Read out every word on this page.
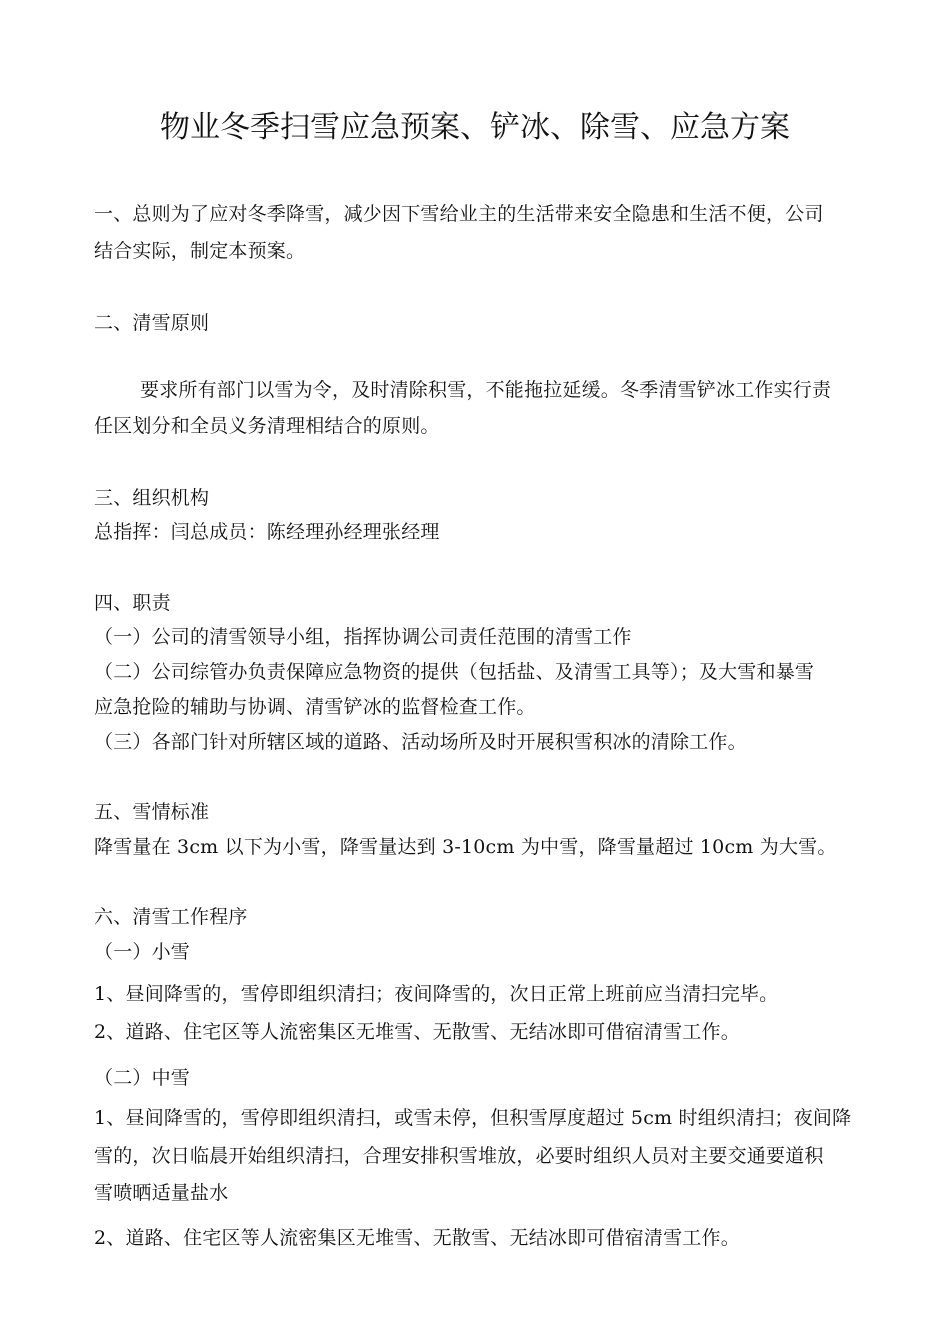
物业冬季扫雪应急预案、铲冰、除雪、应急方案
一、总则为了应对冬季降雪，减少因下雪给业主的生活带来安全隐患和生活不便，公司
结合实际，制定本预案。
二、清雪原则
要求所有部门以雪为令，及时清除积雪，不能拖拉延缓。冬季清雪铲冰工作实行责
任区划分和全员义务清理相结合的原则。
三、组织机构
总指挥：闫总成员：陈经理孙经理张经理
四、职责
（一）公司的清雪领导小组，指挥协调公司责任范围的清雪工作
（二）公司综管办负责保障应急物资的提供（包括盐、及清雪工具等）；及大雪和暴雪
应急抢险的辅助与协调、清雪铲冰的监督检查工作。
（三）各部门针对所辖区域的道路、活动场所及时开展积雪积冰的清除工作。
五、雪情标准
降雪量在 3cm 以下为小雪，降雪量达到 3-10cm 为中雪，降雪量超过 10cm 为大雪。
六、清雪工作程序
（一）小雪
1、昼间降雪的，雪停即组织清扫；夜间降雪的，次日正常上班前应当清扫完毕。
2、道路、住宅区等人流密集区无堆雪、无散雪、无结冰即可借宿清雪工作。
（二）中雪
1、昼间降雪的，雪停即组织清扫，或雪未停，但积雪厚度超过 5cm 时组织清扫；夜间降
雪的，次日临晨开始组织清扫，合理安排积雪堆放，必要时组织人员对主要交通要道积
雪喷晒适量盐水
2、道路、住宅区等人流密集区无堆雪、无散雪、无结冰即可借宿清雪工作。
